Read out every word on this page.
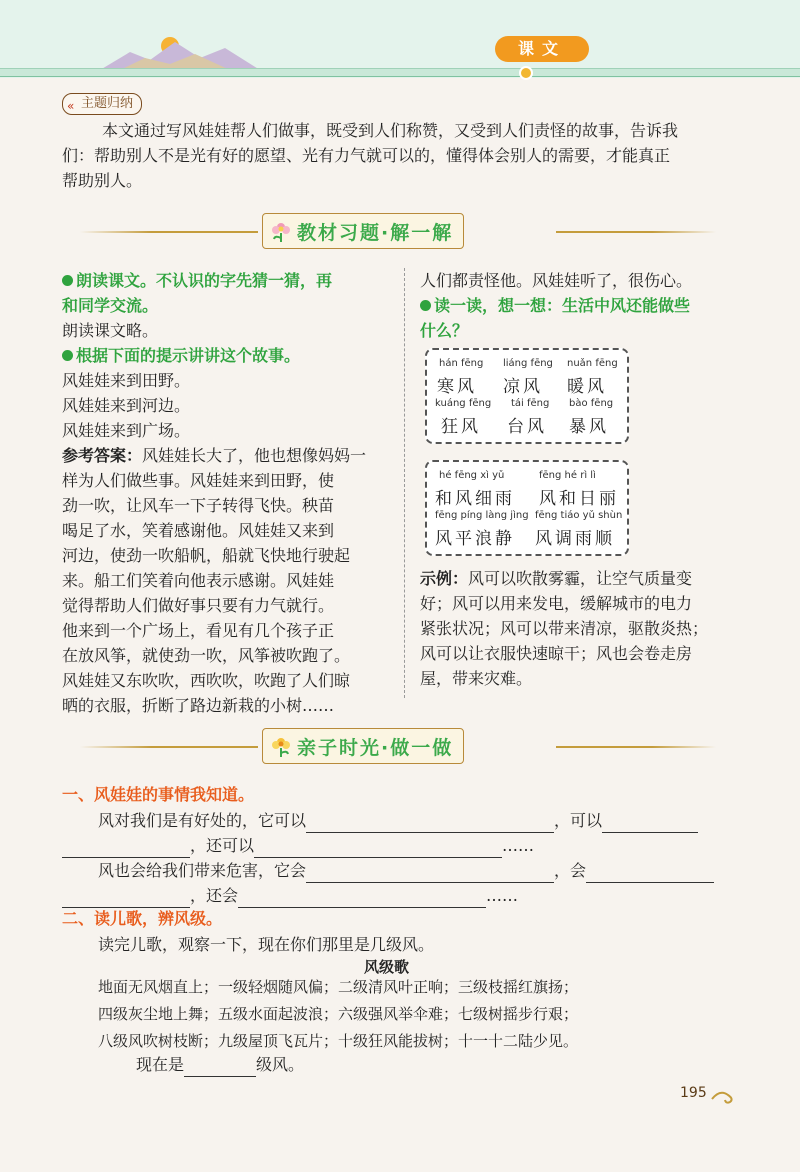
课文
« 主题归纳
本文通过写风娃娃帮人们做事，既受到人们称赞，又受到人们责怪的故事，告诉我
们：帮助别人不是光有好的愿望、光有力气就可以的，懂得体会别人的需要，才能真正
帮助别人。
教材习题·解一解
朗读课文。不认识的字先猜一猜，再
和同学交流。
朗读课文略。
根据下面的提示讲讲这个故事。
风娃娃来到田野。
风娃娃来到河边。
风娃娃来到广场。
参考答案：风娃娃长大了，他也想像妈妈一
样为人们做些事。风娃娃来到田野，使
劲一吹，让风车一下子转得飞快。秧苗
喝足了水，笑着感谢他。风娃娃又来到
河边，使劲一吹船帆，船就飞快地行驶起
来。船工们笑着向他表示感谢。风娃娃
觉得帮助人们做好事只要有力气就行。
他来到一个广场上，看见有几个孩子正
在放风筝，就使劲一吹，风筝被吹跑了。
风娃娃又东吹吹，西吹吹，吹跑了人们晾
晒的衣服，折断了路边新栽的小树……
人们都责怪他。风娃娃听了，很伤心。
读一读，想一想：生活中风还能做些
什么？
hán fēng liáng fēng nuǎn fēng
寒风 凉风 暖风
kuáng fēng tái fēng bào fēng
狂风 台风 暴风
hé fēng xì yǔ	fēng hé rì lì
和风细雨 风和日丽
fēng píng làng jìng fēng tiáo yǔ shùn
风平浪静 风调雨顺
示例：风可以吹散雾霾，让空气质量变
好；风可以用来发电，缓解城市的电力
紧张状况；风可以带来清凉，驱散炎热；
风可以让衣服快速晾干；风也会卷走房
屋，带来灾难。
亲子时光·做一做
一、风娃娃的事情我知道。
风对我们是有好处的，它可以	，可以
，还可以	……
风也会给我们带来危害，它会	，会
，还会	……
二、读儿歌，辨风级。
读完儿歌，观察一下，现在你们那里是几级风。
风级歌
地面无风烟直上；一级轻烟随风偏；二级清风叶正响；三级枝摇红旗扬；
四级灰尘地上舞；五级水面起波浪；六级强风举伞难；七级树摇步行艰；
八级风吹树枝断；九级屋顶飞瓦片；十级狂风能拔树；十一十二陆少见。
现在是	级风。
195
